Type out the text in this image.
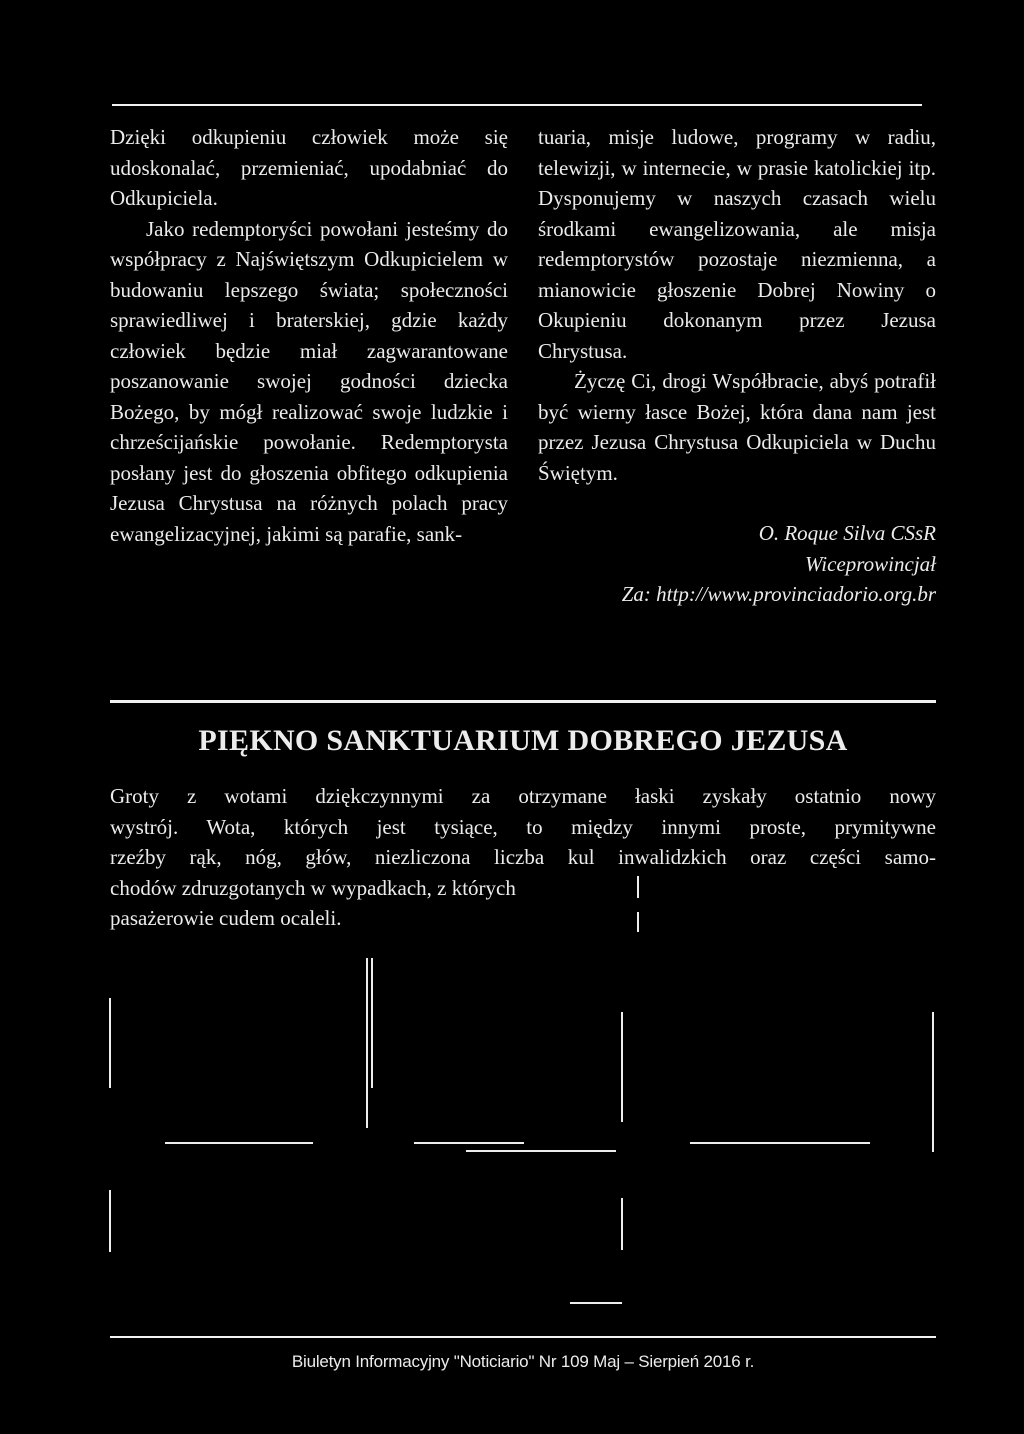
Dzięki odkupieniu człowiek może się udoskonalać, przemieniać, upodabniać do Odkupiciela.

Jako redemptoryści powołani jesteśmy do współpracy z Najświętszym Odkupicielem w budowaniu lepszego świata; społeczności sprawiedliwej i braterskiej, gdzie każdy człowiek będzie miał zagwarantowane poszanowanie swojej godności dziecka Bożego, by mógł realizować swoje ludzkie i chrześcijańskie powołanie. Redemptorysta posłany jest do głoszenia obfitego odkupienia Jezusa Chrystusa na różnych polach pracy ewangelizacyjnej, jakimi są parafie, sank-

tuaria, misje ludowe, programy w radiu, telewizji, w internecie, w prasie katolickiej itp. Dysponujemy w naszych czasach wielu środkami ewangelizowania, ale misja redemptorystów pozostaje niezmienna, a mianowicie głoszenie Dobrej Nowiny o Okupieniu dokonanym przez Jezusa Chrystusa.

Życzę Ci, drogi Współbracie, abyś potrafił być wierny łasce Bożej, która dana nam jest przez Jezusa Chrystusa Odkupiciela w Duchu Świętym.

O. Roque Silva CSsR

Wiceprowincjał

Za: http://www.provinciadorio.org.br

PIĘKNO SANKTUARIUM DOBREGO JEZUSA
Groty z wotami dziękczynnymi za otrzymane łaski zyskały ostatnio nowy
wystrój. Wota, których jest tysiące, to między innymi proste, prymitywne
rzeźby rąk, nóg, głów, niezliczona liczba kul inwalidzkich oraz części samo-
chodów zdruzgotanych w wypadkach, z których
pasażerowie cudem ocaleli.
Biuletyn Informacyjny "Noticiario" Nr 109 Maj – Sierpień 2016 r.
